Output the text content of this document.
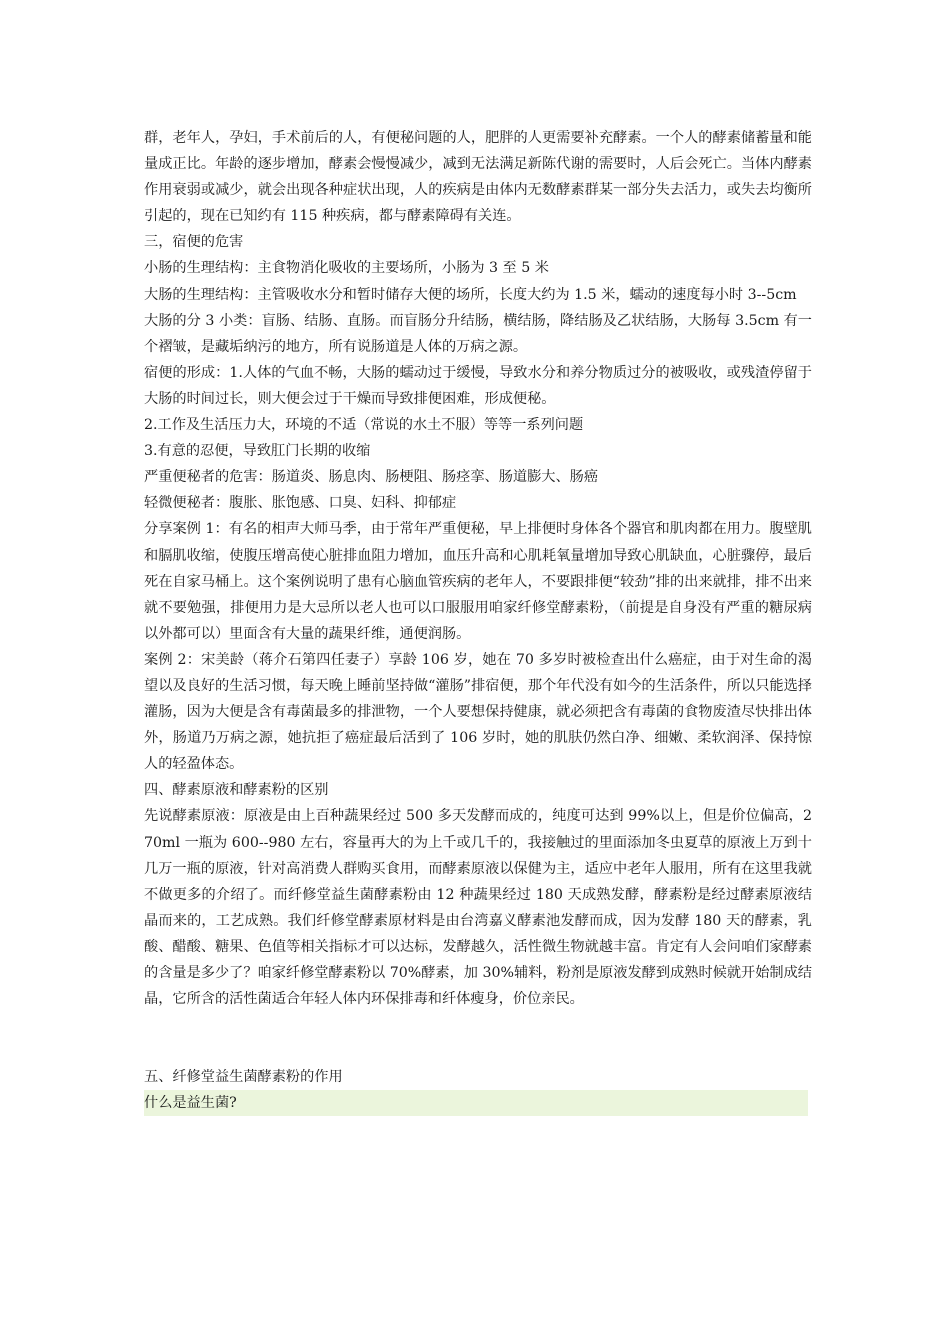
群，老年人，孕妇，手术前后的人，有便秘问题的人，肥胖的人更需要补充酵素。一个人的酵素储蓄量和能量成正比。年龄的逐步增加，酵素会慢慢减少，减到无法满足新陈代谢的需要时，人后会死亡。当体内酵素作用衰弱或减少，就会出现各种症状出现，人的疾病是由体内无数酵素群某一部分失去活力，或失去均衡所引起的，现在已知约有 115 种疾病，都与酵素障碍有关连。

三，宿便的危害

小肠的生理结构：主食物消化吸收的主要场所，小肠为 3 至 5 米

大肠的生理结构：主管吸收水分和暂时储存大便的场所，长度大约为 1.5 米，蠕动的速度每小时 3--5cm

大肠的分 3 小类：盲肠、结肠、直肠。而盲肠分升结肠，横结肠，降结肠及乙状结肠，大肠每 3.5cm 有一个褶皱，是藏垢纳污的地方，所有说肠道是人体的万病之源。

宿便的形成：1.人体的气血不畅，大肠的蠕动过于缓慢，导致水分和养分物质过分的被吸收，或残渣停留于大肠的时间过长，则大便会过于干燥而导致排便困难，形成便秘。

2.工作及生活压力大，环境的不适（常说的水土不服）等等一系列问题

3.有意的忍便，导致肛门长期的收缩

严重便秘者的危害：肠道炎、肠息肉、肠梗阻、肠痉挛、肠道膨大、肠癌

轻微便秘者：腹胀、胀饱感、口臭、妇科、抑郁症

分享案例 1：有名的相声大师马季，由于常年严重便秘，早上排便时身体各个器官和肌肉都在用力。腹壁肌和膈肌收缩，使腹压增高使心脏排血阻力增加，血压升高和心肌耗氧量增加导致心肌缺血，心脏骤停，最后死在自家马桶上。这个案例说明了患有心脑血管疾病的老年人，不要跟排便“较劲”排的出来就排，排不出来就不要勉强，排便用力是大忌所以老人也可以口服服用咱家纤修堂酵素粉，（前提是自身没有严重的糖尿病以外都可以）里面含有大量的蔬果纤维，通便润肠。

案例 2：宋美龄（蒋介石第四任妻子）享龄 106 岁，她在 70 多岁时被检查出什么癌症，由于对生命的渴望以及良好的生活习惯，每天晚上睡前坚持做“灌肠”排宿便，那个年代没有如今的生活条件，所以只能选择灌肠，因为大便是含有毒菌最多的排泄物，一个人要想保持健康，就必须把含有毒菌的食物废渣尽快排出体外，肠道乃万病之源，她抗拒了癌症最后活到了 106 岁时，她的肌肤仍然白净、细嫩、柔软润泽、保持惊人的轻盈体态。

四、酵素原液和酵素粉的区别

先说酵素原液：原液是由上百种蔬果经过 500 多天发酵而成的，纯度可达到 99%以上，但是价位偏高，270ml 一瓶为 600--980 左右，容量再大的为上千或几千的，我接触过的里面添加冬虫夏草的原液上万到十几万一瓶的原液，针对高消费人群购买食用，而酵素原液以保健为主，适应中老年人服用，所有在这里我就不做更多的介绍了。而纤修堂益生菌酵素粉由 12 种蔬果经过 180 天成熟发酵，酵素粉是经过酵素原液结晶而来的，工艺成熟。我们纤修堂酵素原材料是由台湾嘉义酵素池发酵而成，因为发酵 180 天的酵素，乳酸、醋酸、糖果、色值等相关指标才可以达标，发酵越久，活性微生物就越丰富。肯定有人会问咱们家酵素的含量是多少了？咱家纤修堂酵素粉以 70%酵素，加 30%辅料，粉剂是原液发酵到成熟时候就开始制成结晶，它所含的活性菌适合年轻人体内环保排毒和纤体瘦身，价位亲民。

五、纤修堂益生菌酵素粉的作用

什么是益生菌?
